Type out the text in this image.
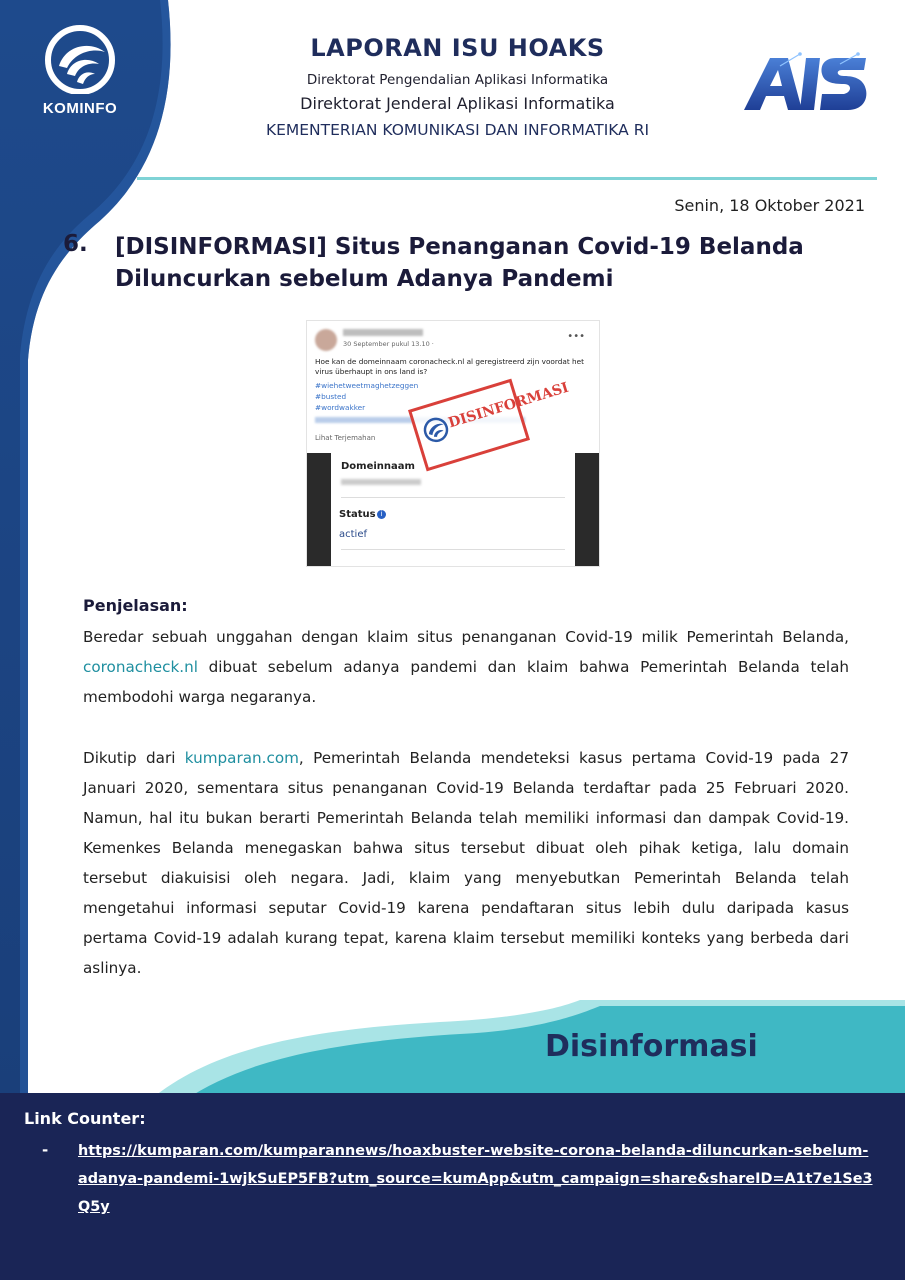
KOMINFO
LAPORAN ISU HOAKS
Direktorat Pengendalian Aplikasi Informatika
Direktorat Jenderal Aplikasi Informatika
KEMENTERIAN KOMUNIKASI DAN INFORMATIKA RI
Senin, 18 Oktober 2021
6.	[DISINFORMASI] Situs Penanganan Covid-19 Belanda Diluncurkan sebelum Adanya Pandemi
30 September pukul 13.10 ·
•••
Hoe kan de domeinnaam coronacheck.nl al geregistreerd zijn voordat het virus überhaupt in ons land is?
#wiehetweetmaghetzeggen
#busted
#wordwakker
Lihat Terjemahan
Domeinnaam
Status i
actief
DISINFORMASI
Penjelasan:

Beredar sebuah unggahan dengan klaim situs penanganan Covid-19 milik Pemerintah Belanda, coronacheck.nl dibuat sebelum adanya pandemi dan klaim bahwa Pemerintah Belanda telah membodohi warga negaranya.

Dikutip dari kumparan.com, Pemerintah Belanda mendeteksi kasus pertama Covid-19 pada 27 Januari 2020, sementara situs penanganan Covid-19 Belanda terdaftar pada 25 Februari 2020. Namun, hal itu bukan berarti Pemerintah Belanda telah memiliki informasi dan dampak Covid-19. Kemenkes Belanda menegaskan bahwa situs tersebut dibuat oleh pihak ketiga, lalu domain tersebut diakuisisi oleh negara. Jadi, klaim yang menyebutkan Pemerintah Belanda telah mengetahui informasi seputar Covid-19 karena pendaftaran situs lebih dulu daripada kasus pertama Covid-19 adalah kurang tepat, karena klaim tersebut memiliki konteks yang berbeda dari aslinya.

Disinformasi
Link Counter:
- https://kumparan.com/kumparannews/hoaxbuster-website-corona-belanda-diluncurkan-sebelum-adanya-pandemi-1wjkSuEP5FB?utm_source=kumApp&utm_campaign=share&shareID=A1t7e1Se3Q5y
